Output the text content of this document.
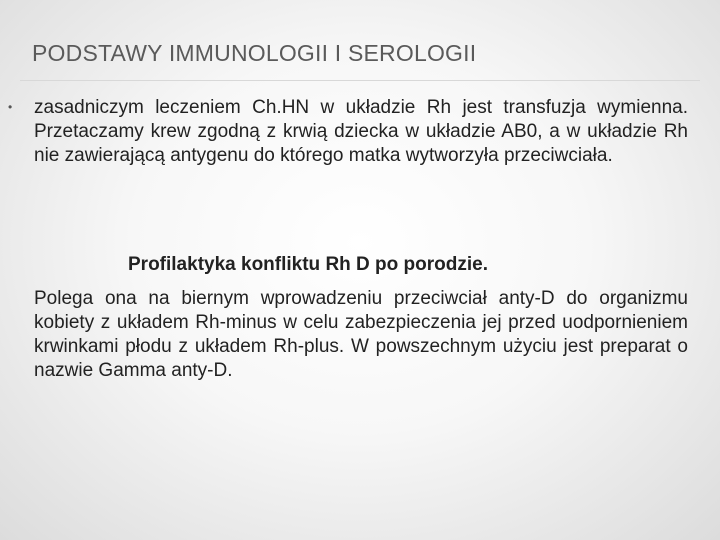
PODSTAWY IMMUNOLOGII I SEROLOGII
• zasadniczym leczeniem Ch.HN w układzie Rh jest transfuzja wymienna. Przetaczamy krew zgodną z krwią dziecka w układzie AB0, a w układzie Rh nie zawierającą antygenu do którego matka wytworzyła przeciwciała.
Profilaktyka konfliktu Rh D po porodzie.
Polega ona na biernym wprowadzeniu przeciwciał anty-D do organizmu kobiety z układem Rh-minus w celu zabezpieczenia jej przed uodpornieniem krwinkami płodu z układem Rh-plus. W powszechnym użyciu jest preparat o nazwie Gamma anty-D.
